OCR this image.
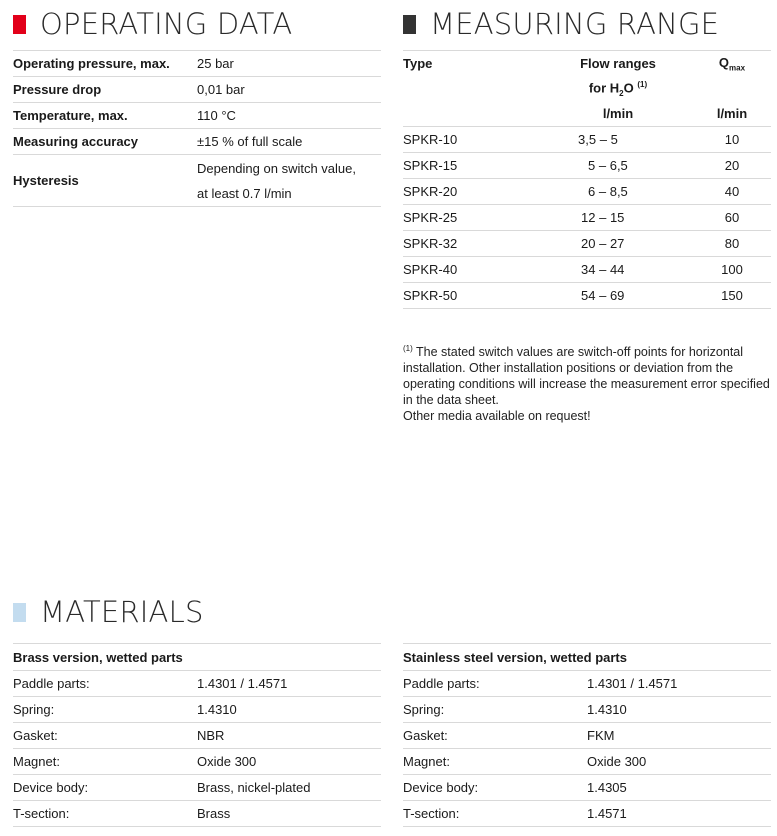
OPERATING DATA
Operating pressure, max.	25 bar
Pressure drop	0,01 bar
Temperature, max.	110 °C
Measuring accuracy	±15 % of full scale
Hysteresis	Depending on switch value,
at least 0.7 l/min
MEASURING RANGE
Type	Flow ranges	$Q_{max}$
	for $H_2O$ $^{(1)}$	
	l/min	l/min
SPKR-10	3,5 – 5	10
SPKR-15	5 – 6,5	20
SPKR-20	6 – 8,5	40
SPKR-25	12 – 15	60
SPKR-32	20 – 27	80
SPKR-40	34 – 44	100
SPKR-50	54 – 69	150
$^{(1)}$ The stated switch values are switch-off points for horizontal installation. Other installation positions or deviation from the operating conditions will increase the measurement error specified in the data sheet.
Other media available on request!
MATERIALS
Brass version, wetted parts	
Paddle parts:	1.4301 / 1.4571
Spring:	1.4310
Gasket:	NBR
Magnet:	Oxide 300
Device body:	Brass, nickel-plated
T-section:	Brass
Stainless steel version, wetted parts	
Paddle parts:	1.4301 / 1.4571
Spring:	1.4310
Gasket:	FKM
Magnet:	Oxide 300
Device body:	1.4305
T-section:	1.4571
